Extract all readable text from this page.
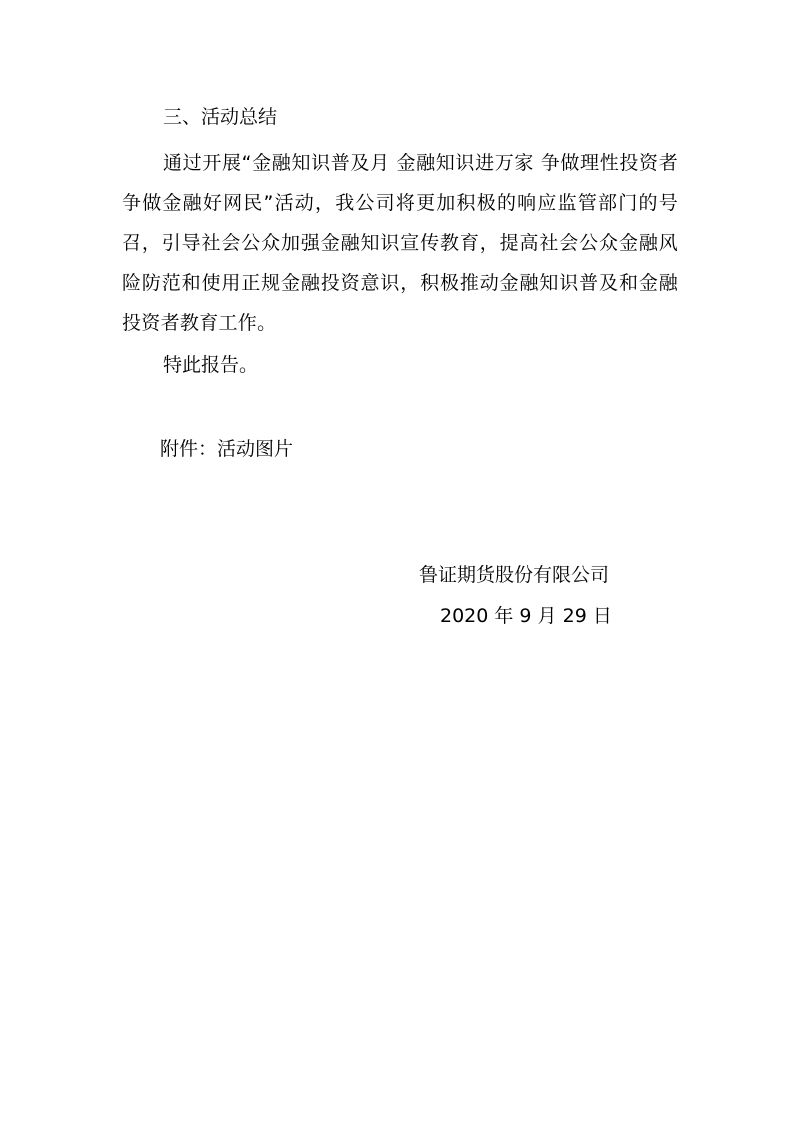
三、活动总结

通过开展“金融知识普及月 金融知识进万家 争做理性投资者 争做金融好网民”活动，我公司将更加积极的响应监管部门的号召，引导社会公众加强金融知识宣传教育，提高社会公众金融风险防范和使用正规金融投资意识，积极推动金融知识普及和金融投资者教育工作。

特此报告。
附件：活动图片
鲁证期货股份有限公司
2020 年 9 月 29 日
